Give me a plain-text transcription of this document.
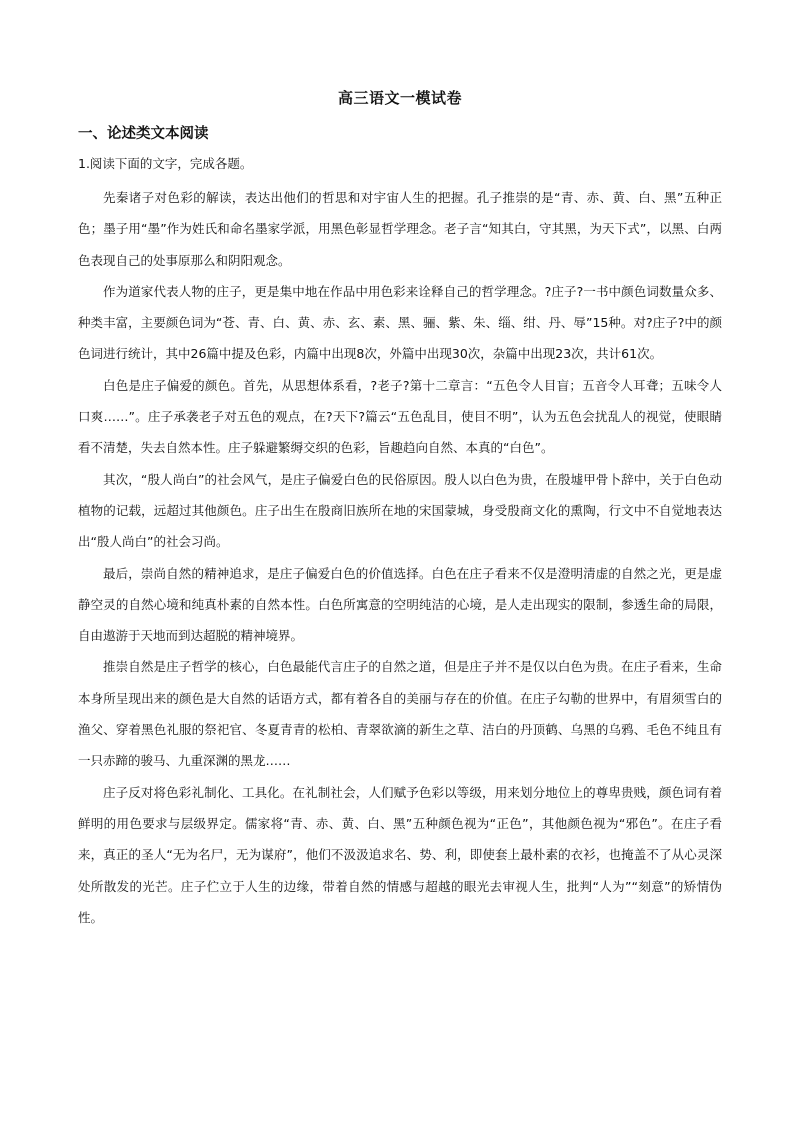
高三语文一模试卷
一、论述类文本阅读

1.阅读下面的文字，完成各题。

先秦诸子对色彩的解读，表达出他们的哲思和对宇宙人生的把握。孔子推崇的是“青、赤、黄、白、黑”五种正色；墨子用“墨”作为姓氏和命名墨家学派，用黑色彰显哲学理念。老子言“知其白，守其黑，为天下式”，以黑、白两色表现自己的处事原那么和阴阳观念。

作为道家代表人物的庄子，更是集中地在作品中用色彩来诠释自己的哲学理念。?庄子?一书中颜色词数量众多、种类丰富，主要颜色词为“苍、青、白、黄、赤、玄、素、黑、骊、紫、朱、缁、绀、丹、辱”15种。对?庄子?中的颜色词进行统计，其中26篇中提及色彩，内篇中出现8次，外篇中出现30次，杂篇中出现23次，共计61次。

白色是庄子偏爱的颜色。首先，从思想体系看，?老子?第十二章言：“五色令人目盲；五音令人耳聋；五味令人口爽……”。庄子承袭老子对五色的观点，在?天下?篇云“五色乱目，使目不明”，认为五色会扰乱人的视觉，使眼睛看不清楚，失去自然本性。庄子躲避繁缛交织的色彩，旨趣趋向自然、本真的“白色”。

其次，“殷人尚白”的社会风气，是庄子偏爱白色的民俗原因。殷人以白色为贵，在殷墟甲骨卜辞中，关于白色动植物的记载，远超过其他颜色。庄子出生在殷商旧族所在地的宋国蒙城，身受殷商文化的熏陶，行文中不自觉地表达出“殷人尚白”的社会习尚。

最后，崇尚自然的精神追求，是庄子偏爱白色的价值选择。白色在庄子看来不仅是澄明清虚的自然之光，更是虚静空灵的自然心境和纯真朴素的自然本性。白色所寓意的空明纯洁的心境，是人走出现实的限制，参透生命的局限，自由遨游于天地而到达超脱的精神境界。

推崇自然是庄子哲学的核心，白色最能代言庄子的自然之道，但是庄子并不是仅以白色为贵。在庄子看来，生命本身所呈现出来的颜色是大自然的话语方式，都有着各自的美丽与存在的价值。在庄子勾勒的世界中，有眉须雪白的渔父、穿着黑色礼服的祭祀官、冬夏青青的松柏、青翠欲滴的新生之草、洁白的丹顶鹤、乌黑的乌鸦、毛色不纯且有一只赤蹄的骏马、九重深渊的黑龙……

庄子反对将色彩礼制化、工具化。在礼制社会，人们赋予色彩以等级，用来划分地位上的尊卑贵贱，颜色词有着鲜明的用色要求与层级界定。儒家将“青、赤、黄、白、黑”五种颜色视为“正色”，其他颜色视为“邪色”。在庄子看来，真正的圣人“无为名尸，无为谋府”，他们不汲汲追求名、势、利，即使套上最朴素的衣衫，也掩盖不了从心灵深处所散发的光芒。庄子伫立于人生的边缘，带着自然的情感与超越的眼光去审视人生，批判“人为”“刻意”的矫情伪性。
